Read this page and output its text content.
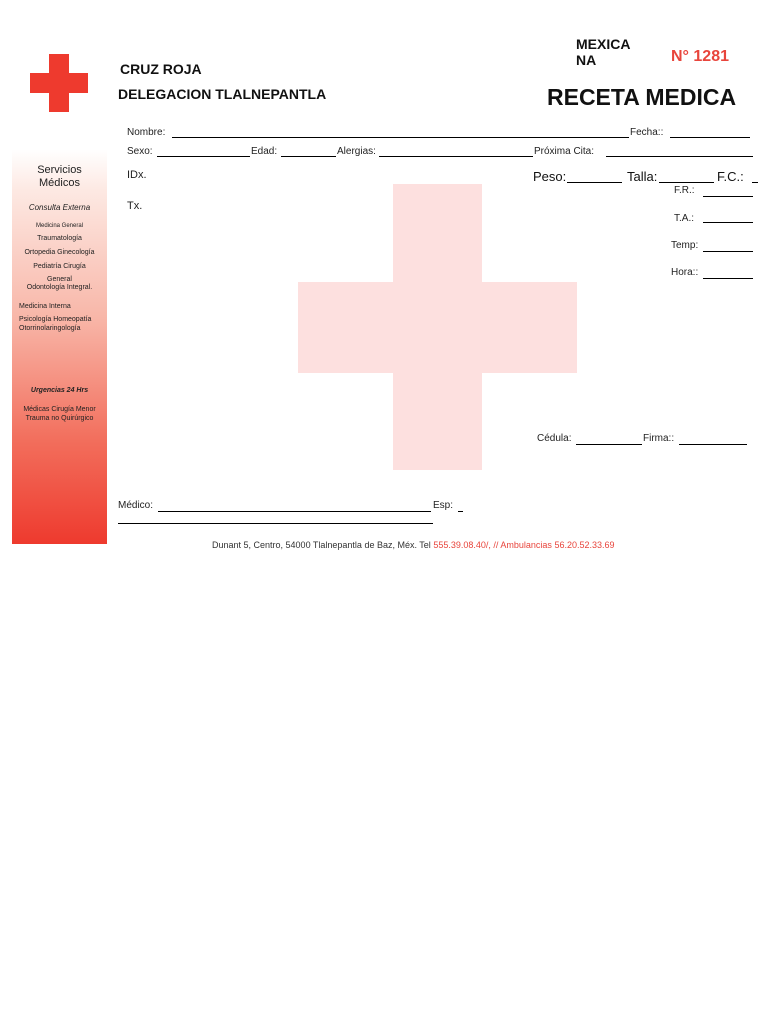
Servicios
Médicos
Consulta Externa
Medicina General
Traumatología
Ortopedia Ginecología
Pediatría Cirugía
General
Odontología Integral.
Medicina Interna
Psicología Homeopatía
Otorrinolaringología
Urgencias 24 Hrs
Médicas Cirugía Menor
Trauma no Quirúrgico
CRUZ ROJA
DELEGACION TLALNEPANTLA
MEXICA
NA	N° 1281
RECETA MEDICA
Nombre:	Fecha::
Sexo:	Edad:	Alergias:	Próxima Cita:
IDx.	Peso:	Talla:	F.C.:
F.R.:
T.A.:
Temp:
Hora::
Tx.
Cédula:	Firma::
Médico:	Esp:
Dunant 5, Centro, 54000 Tlalnepantla de Baz, Méx. Tel 555.39.08.40/, // Ambulancias 56.20.52.33.69
